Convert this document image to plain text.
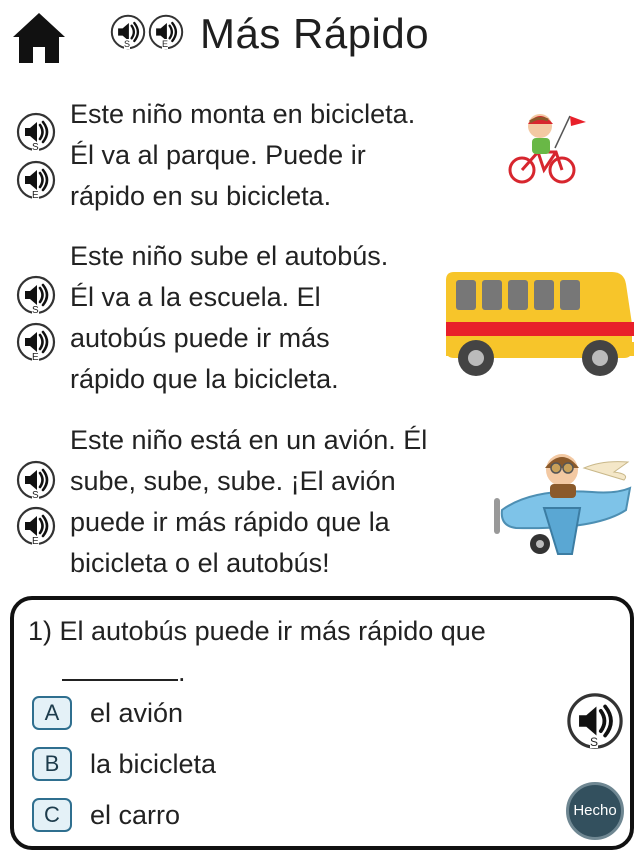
S	E Más Rápido
S
E
Este niño monta en bicicleta.
Él va al parque. Puede ir
rápido en su bicicleta.
S
E
Este niño sube el autobús.
Él va a la escuela. El
autobús puede ir más
rápido que la bicicleta.
S
E
Este niño está en un avión. Él
sube, sube, sube. ¡El avión
puede ir más rápido que la
bicicleta o el autobús!
1) El autobús puede ir más rápido que
.
A	el avión
B	la bicicleta
C	el carro
S
Hecho
